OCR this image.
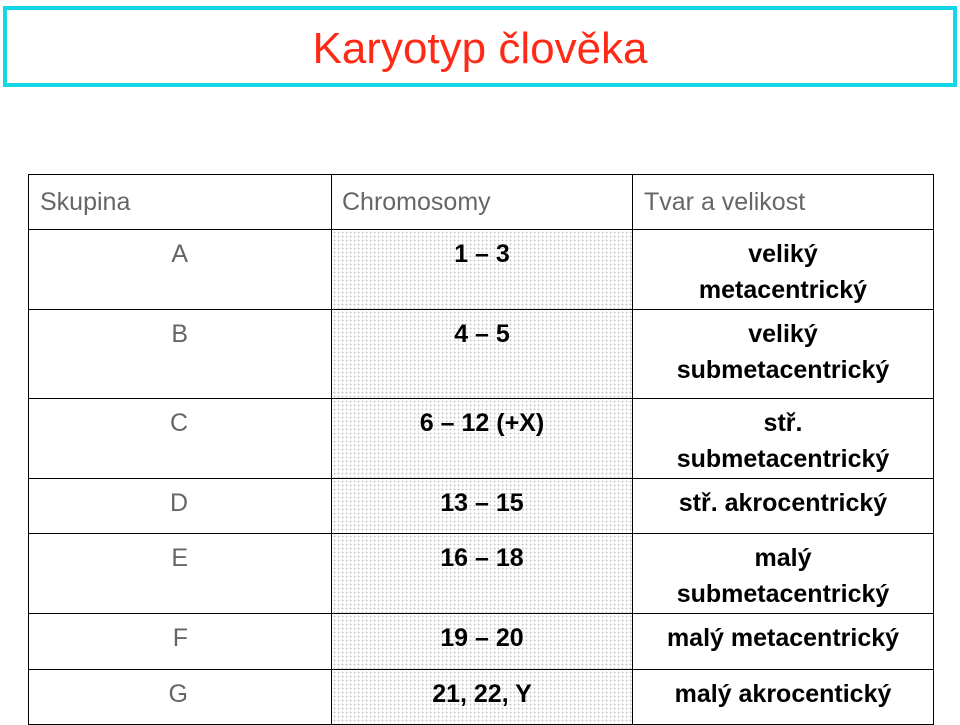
Karyotyp člověka
Skupina	Chromosomy	Tvar a velikost
A	1 – 3	veliký
metacentrický

B	4 – 5	veliký
submetacentrický

C	6 – 12 (+X)	stř.
submetacentrický

D	13 – 15	stř. akrocentrický

E	16 – 18	malý
submetacentrický

F	19 – 20	malý metacentrický

G	21, 22, Y	malý akrocentický
